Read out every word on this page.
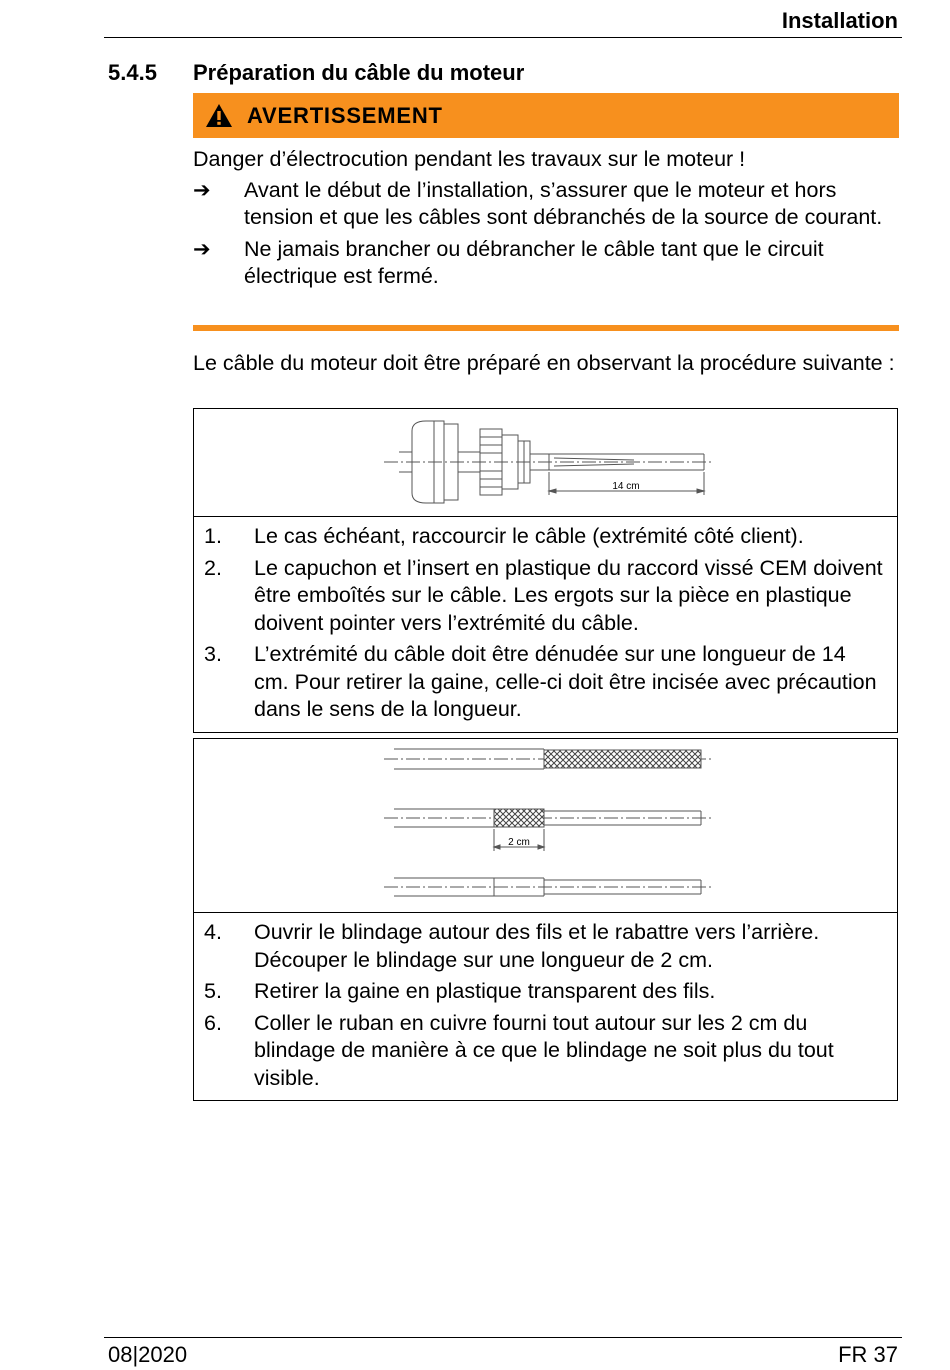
Installation
5.4.5 Préparation du câble du moteur
AVERTISSEMENT
Danger d’électrocution pendant les travaux sur le moteur !
➔ Avant le début de l’installation, s’assurer que le moteur et hors tension et que les câbles sont débranchés de la source de courant.
➔ Ne jamais brancher ou débrancher le câble tant que le circuit électrique est fermé.
Le câble du moteur doit être préparé en observant la procédure suivante :
14 cm
1. Le cas échéant, raccourcir le câble (extrémité côté client).
2. Le capuchon et l’insert en plastique du raccord vissé CEM doivent être emboîtés sur le câble. Les ergots sur la pièce en plastique doivent pointer vers l’extrémité du câble.
3. L’extrémité du câble doit être dénudée sur une longueur de 14 cm. Pour retirer la gaine, celle-ci doit être incisée avec précaution dans le sens de la longueur.
2 cm
4. Ouvrir le blindage autour des fils et le rabattre vers l’arrière. Découper le blindage sur une longueur de 2 cm.
5. Retirer la gaine en plastique transparent des fils.
6. Coller le ruban en cuivre fourni tout autour sur les 2 cm du blindage de manière à ce que le blindage ne soit plus du tout visible.
08|2020	FR 37
